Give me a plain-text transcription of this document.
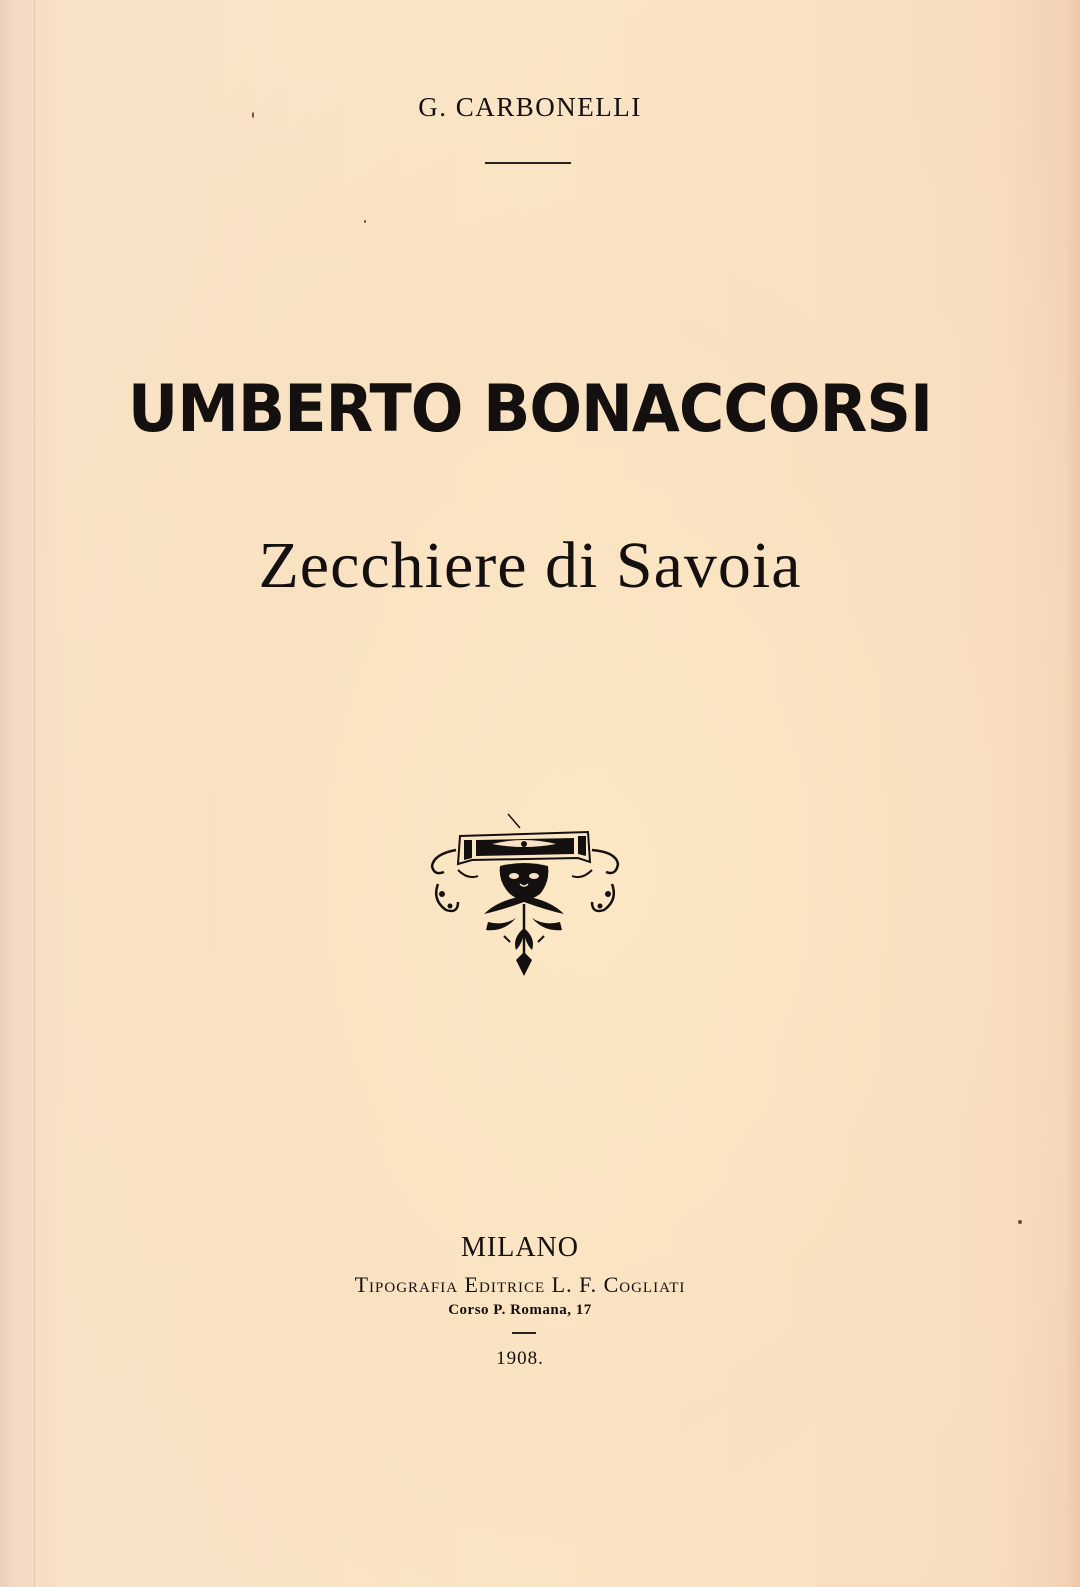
G. CARBONELLI
UMBERTO BONACCORSI
Zecchiere di Savoia
MILANO
Tipografia Editrice L. F. Cogliati
Corso P. Romana, 17
1908.
